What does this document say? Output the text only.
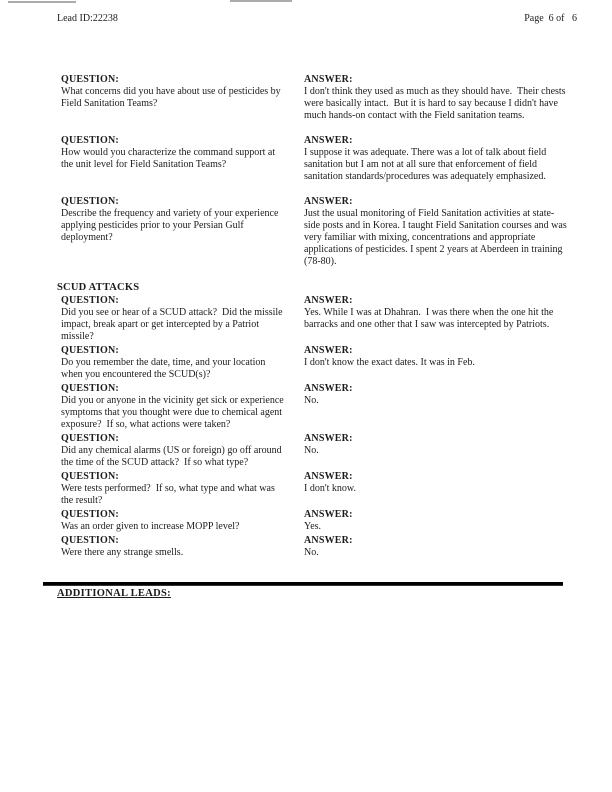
Lead ID:22238	Page  6 of   6
QUESTION:
What concerns did you have about use of pesticides by Field Sanitation Teams?
ANSWER:
I don't think they used as much as they should have.  Their chests were basically intact.  But it is hard to say because I didn't have much hands-on contact with the Field sanitation teams.
QUESTION:
How would you characterize the command support at the unit level for Field Sanitation Teams?
ANSWER:
I suppose it was adequate. There was a lot of talk about field sanitation but I am not at all sure that enforcement of field sanitation standards/procedures was adequately emphasized.
QUESTION:
Describe the frequency and variety of your experience applying pesticides prior to your Persian Gulf deployment?
ANSWER:
Just the usual monitoring of Field Sanitation activities at state-side posts and in Korea. I taught Field Sanitation courses and was very familiar with mixing, concentrations and appropriate applications of pesticides. I spent 2 years at Aberdeen in training (78-80).
SCUD ATTACKS
QUESTION:
Did you see or hear of a SCUD attack?  Did the missile impact, break apart or get intercepted by a Patriot missile?
ANSWER:
Yes. While I was at Dhahran.  I was there when the one hit the barracks and one other that I saw was intercepted by Patriots.
QUESTION:
Do you remember the date, time, and your location when you encountered the SCUD(s)?
ANSWER:
I don't know the exact dates. It was in Feb.
QUESTION:
Did you or anyone in the vicinity get sick or experience symptoms that you thought were due to chemical agent exposure?  If so, what actions were taken?
ANSWER:
No.
QUESTION:
Did any chemical alarms (US or foreign) go off around the time of the SCUD attack?  If so what type?
ANSWER:
No.
QUESTION:
Were tests performed?  If so, what type and what was the result?
ANSWER:
I don't know.
QUESTION:
Was an order given to increase MOPP level?
ANSWER:
Yes.
QUESTION:
Were there any strange smells.
ANSWER:
No.
ADDITIONAL LEADS:
